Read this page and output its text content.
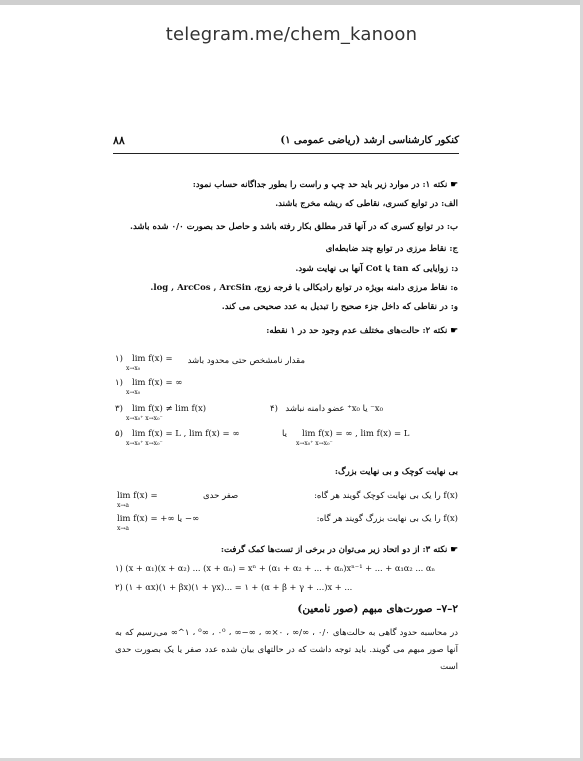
telegram.me/chem_kanoon
۸۸	کنکور کارشناسی ارشد (ریاضی عمومی ۱)
☛ نکته ۱: در موارد زیر باید حد چپ و راست را بطور جداگانه حساب نمود:
الف: در توابع کسری، نقاطی که ریشه مخرج باشند.
ب: در توابع کسری که در آنها قدر مطلق بکار رفته باشد و حاصل حد بصورت ۰/۰ شده باشد.
ج: نقاط مرزی در توابع چند ضابطه‌ای
د: زوایایی که tan یا Cot آنها بی نهایت شود.
ه: نقاط مرزی دامنه بویژه در توابع رادیکالی با فرجه زوج، log , ArcCos , ArcSin.
و: در نقاطی که داخل جزء صحیح را تبدیل به عدد صحیحی می کند.
☛ نکته ۲: حالت‌های مختلف عدم وجود حد در ۱ نقطه:
۱) lim f(x) =
x→x₀
مقدار نامشخص حتی محدود باشد
۱) lim f(x) = ∞
x→x₀
۳) lim f(x) ≠ lim f(x)
x→x₀⁺ x→x₀⁻
۴) x₀⁻ یا x₀⁺ عضو دامنه نباشد
۵) lim f(x) = L , lim f(x) = ∞
x→x₀⁺ x→x₀⁻
یا lim f(x) = ∞ , lim f(x) = L
x→x₀⁺ x→x₀⁻
بی نهایت کوچک و بی نهایت بزرگ:
lim f(x) =	صفر حدی
x→a
f(x) را یک بی نهایت کوچک گویند هر گاه:
lim f(x) = +∞ یا −∞
x→a
f(x) را یک بی نهایت بزرگ گویند هر گاه:
☛ نکته ۳: از دو اتحاد زیر می‌توان در برخی از تست‌ها کمک گرفت:
۱) (x + α₁)(x + α₂) ... (x + αₙ) = xⁿ + (α₁ + α₂ + ... + αₙ)xⁿ⁻¹ + ... + α₁α₂ ... αₙ
۲) (۱ + αx)(۱ + βx)(۱ + γx)... = ۱ + (α + β + γ + ...)x + ...
۲–۷– صورت‌های مبهم (صور نامعین)
در محاسبه حدود گاهی به حالت‌های ۰/۰ ، ∞/∞ ، ۰×∞ ، ∞−∞ ، ۰⁰ ، ∞⁰ ، ۱^∞ می‌رسیم که به آنها صور مبهم می گویند. باید توجه داشت که در حالتهای بیان شده عدد صفر یا یک بصورت حدی است
